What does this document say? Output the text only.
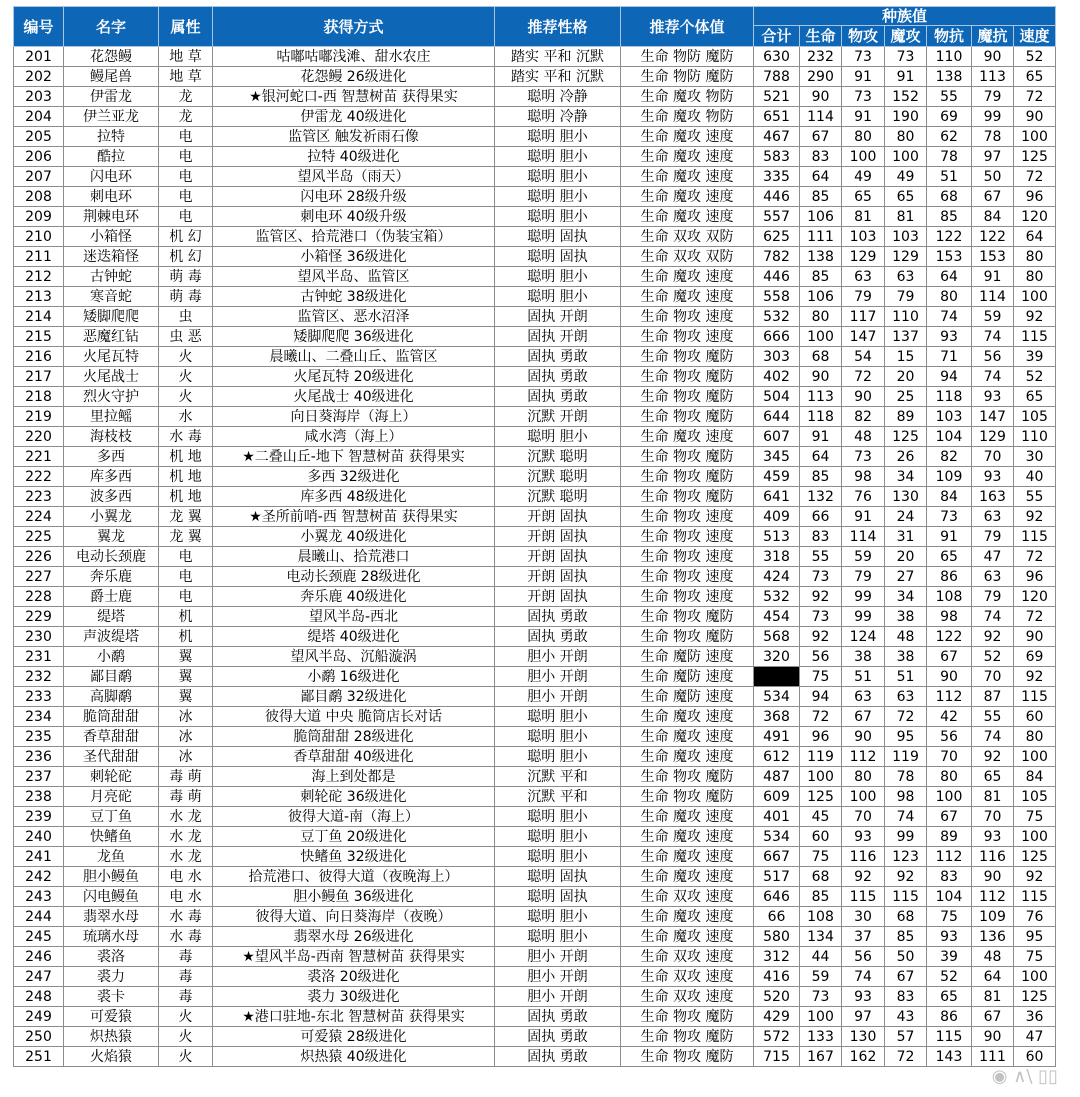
编号	名字	属性	获得方式	推荐性格	推荐个体值	种族值						
						合计	生命	物攻	魔攻	物抗	魔抗	速度
201	花怨鳗	地 草	咕嘟咕嘟浅滩、甜水农庄	踏实 平和 沉默	生命 物防 魔防	630	232	73	73	110	90	52
202	鳗尾兽	地 草	花怨鳗 26级进化	踏实 平和 沉默	生命 物防 魔防	788	290	91	91	138	113	65
203	伊雷龙	龙	★银河蛇口-西 智慧树苗 获得果实	聪明 冷静	生命 魔攻 物防	521	90	73	152	55	79	72
204	伊兰亚龙	龙	伊雷龙 40级进化	聪明 冷静	生命 魔攻 物防	651	114	91	190	69	99	90
205	拉特	电	监管区 触发祈雨石像	聪明 胆小	生命 魔攻 速度	467	67	80	80	62	78	100
206	酷拉	电	拉特 40级进化	聪明 胆小	生命 魔攻 速度	583	83	100	100	78	97	125
207	闪电环	电	望风半岛（雨天）	聪明 胆小	生命 魔攻 速度	335	64	49	49	51	50	72
208	刺电环	电	闪电环 28级升级	聪明 胆小	生命 魔攻 速度	446	85	65	65	68	67	96
209	荆棘电环	电	刺电环 40级升级	聪明 胆小	生命 魔攻 速度	557	106	81	81	85	84	120
210	小箱怪	机 幻	监管区、拾荒港口（伪装宝箱）	聪明 固执	生命 双攻 双防	625	111	103	103	122	122	64
211	迷迭箱怪	机 幻	小箱怪 36级进化	聪明 固执	生命 双攻 双防	782	138	129	129	153	153	80
212	古钟蛇	萌 毒	望风半岛、监管区	聪明 胆小	生命 魔攻 速度	446	85	63	63	64	91	80
213	寒音蛇	萌 毒	古钟蛇 38级进化	聪明 胆小	生命 魔攻 速度	558	106	79	79	80	114	100
214	矮脚爬爬	虫	监管区、恶水沼泽	固执 开朗	生命 物攻 速度	532	80	117	110	74	59	92
215	恶魔红钻	虫 恶	矮脚爬爬 36级进化	固执 开朗	生命 物攻 速度	666	100	147	137	93	74	115
216	火尾瓦特	火	晨曦山、二叠山丘、监管区	固执 勇敢	生命 物攻 魔防	303	68	54	15	71	56	39
217	火尾战士	火	火尾瓦特 20级进化	固执 勇敢	生命 物攻 魔防	402	90	72	20	94	74	52
218	烈火守护	火	火尾战士 40级进化	固执 勇敢	生命 物攻 魔防	504	113	90	25	118	93	65
219	里拉鳐	水	向日葵海岸（海上）	沉默 开朗	生命 物攻 魔防	644	118	82	89	103	147	105
220	海枝枝	水 毒	咸水湾（海上）	聪明 胆小	生命 魔攻 速度	607	91	48	125	104	129	110
221	多西	机 地	★二叠山丘-地下 智慧树苗 获得果实	沉默 聪明	生命 物攻 魔防	345	64	73	26	82	70	30
222	库多西	机 地	多西 32级进化	沉默 聪明	生命 物攻 魔防	459	85	98	34	109	93	40
223	波多西	机 地	库多西 48级进化	沉默 聪明	生命 物攻 魔防	641	132	76	130	84	163	55
224	小翼龙	龙 翼	★圣所前哨-西 智慧树苗 获得果实	开朗 固执	生命 物攻 速度	409	66	91	24	73	63	92
225	翼龙	龙 翼	小翼龙 40级进化	开朗 固执	生命 物攻 速度	513	83	114	31	91	79	115
226	电动长颈鹿	电	晨曦山、拾荒港口	开朗 固执	生命 物攻 速度	318	55	59	20	65	47	72
227	奔乐鹿	电	电动长颈鹿 28级进化	开朗 固执	生命 物攻 速度	424	73	79	27	86	63	96
228	爵士鹿	电	奔乐鹿 40级进化	开朗 固执	生命 物攻 速度	532	92	99	34	108	79	120
229	缇塔	机	望风半岛-西北	固执 勇敢	生命 物攻 魔防	454	73	99	38	98	74	72
230	声波缇塔	机	缇塔 40级进化	固执 勇敢	生命 物攻 魔防	568	92	124	48	122	92	90
231	小鹬	翼	望风半岛、沉船漩涡	胆小 开朗	生命 魔防 速度	320	56	38	38	67	52	69
232	鄙目鹬	翼	小鹬 16级进化	胆小 开朗	生命 魔防 速度		75	51	51	90	70	92
233	高脚鹬	翼	鄙目鹬 32级进化	胆小 开朗	生命 魔防 速度	534	94	63	63	112	87	115
234	脆筒甜甜	冰	彼得大道 中央 脆筒店长对话	聪明 胆小	生命 魔攻 速度	368	72	67	72	42	55	60
235	香草甜甜	冰	脆筒甜甜 28级进化	聪明 胆小	生命 魔攻 速度	491	96	90	95	56	74	80
236	圣代甜甜	冰	香草甜甜 40级进化	聪明 胆小	生命 魔攻 速度	612	119	112	119	70	92	100
237	刺轮砣	毒 萌	海上到处都是	沉默 平和	生命 物攻 魔防	487	100	80	78	80	65	84
238	月亮砣	毒 萌	刺轮砣 36级进化	沉默 平和	生命 物攻 魔防	609	125	100	98	100	81	105
239	豆丁鱼	水 龙	彼得大道-南（海上）	聪明 胆小	生命 魔攻 速度	401	45	70	74	67	70	75
240	快鳍鱼	水 龙	豆丁鱼 20级进化	聪明 胆小	生命 魔攻 速度	534	60	93	99	89	93	100
241	龙鱼	水 龙	快鳍鱼 32级进化	聪明 胆小	生命 魔攻 速度	667	75	116	123	112	116	125
242	胆小鳗鱼	电 水	拾荒港口、彼得大道（夜晚海上）	聪明 固执	生命 魔攻 速度	517	68	92	92	83	90	92
243	闪电鳗鱼	电 水	胆小鳗鱼 36级进化	聪明 固执	生命 双攻 速度	646	85	115	115	104	112	115
244	翡翠水母	水 毒	彼得大道、向日葵海岸（夜晚）	聪明 胆小	生命 魔攻 速度	66	108	30	68	75	109	76
245	琉璃水母	水 毒	翡翠水母 26级进化	聪明 胆小	生命 魔攻 速度	580	134	37	85	93	136	95
246	裘洛	毒	★望风半岛-西南 智慧树苗 获得果实	胆小 开朗	生命 双攻 速度	312	44	56	50	39	48	75
247	裘力	毒	裘洛 20级进化	胆小 开朗	生命 双攻 速度	416	59	74	67	52	64	100
248	裘卡	毒	裘力 30级进化	胆小 开朗	生命 双攻 速度	520	73	93	83	65	81	125
249	可爱猿	火	★港口驻地-东北 智慧树苗 获得果实	固执 勇敢	生命 物攻 魔防	429	100	97	43	86	67	36
250	炽热猿	火	可爱猿 28级进化	固执 勇敢	生命 物攻 魔防	572	133	130	57	115	90	47
251	火焰猿	火	炽热猿 40级进化	固执 勇敢	生命 物攻 魔防	715	167	162	72	143	111	60
◉ ∧\ ▯▯
